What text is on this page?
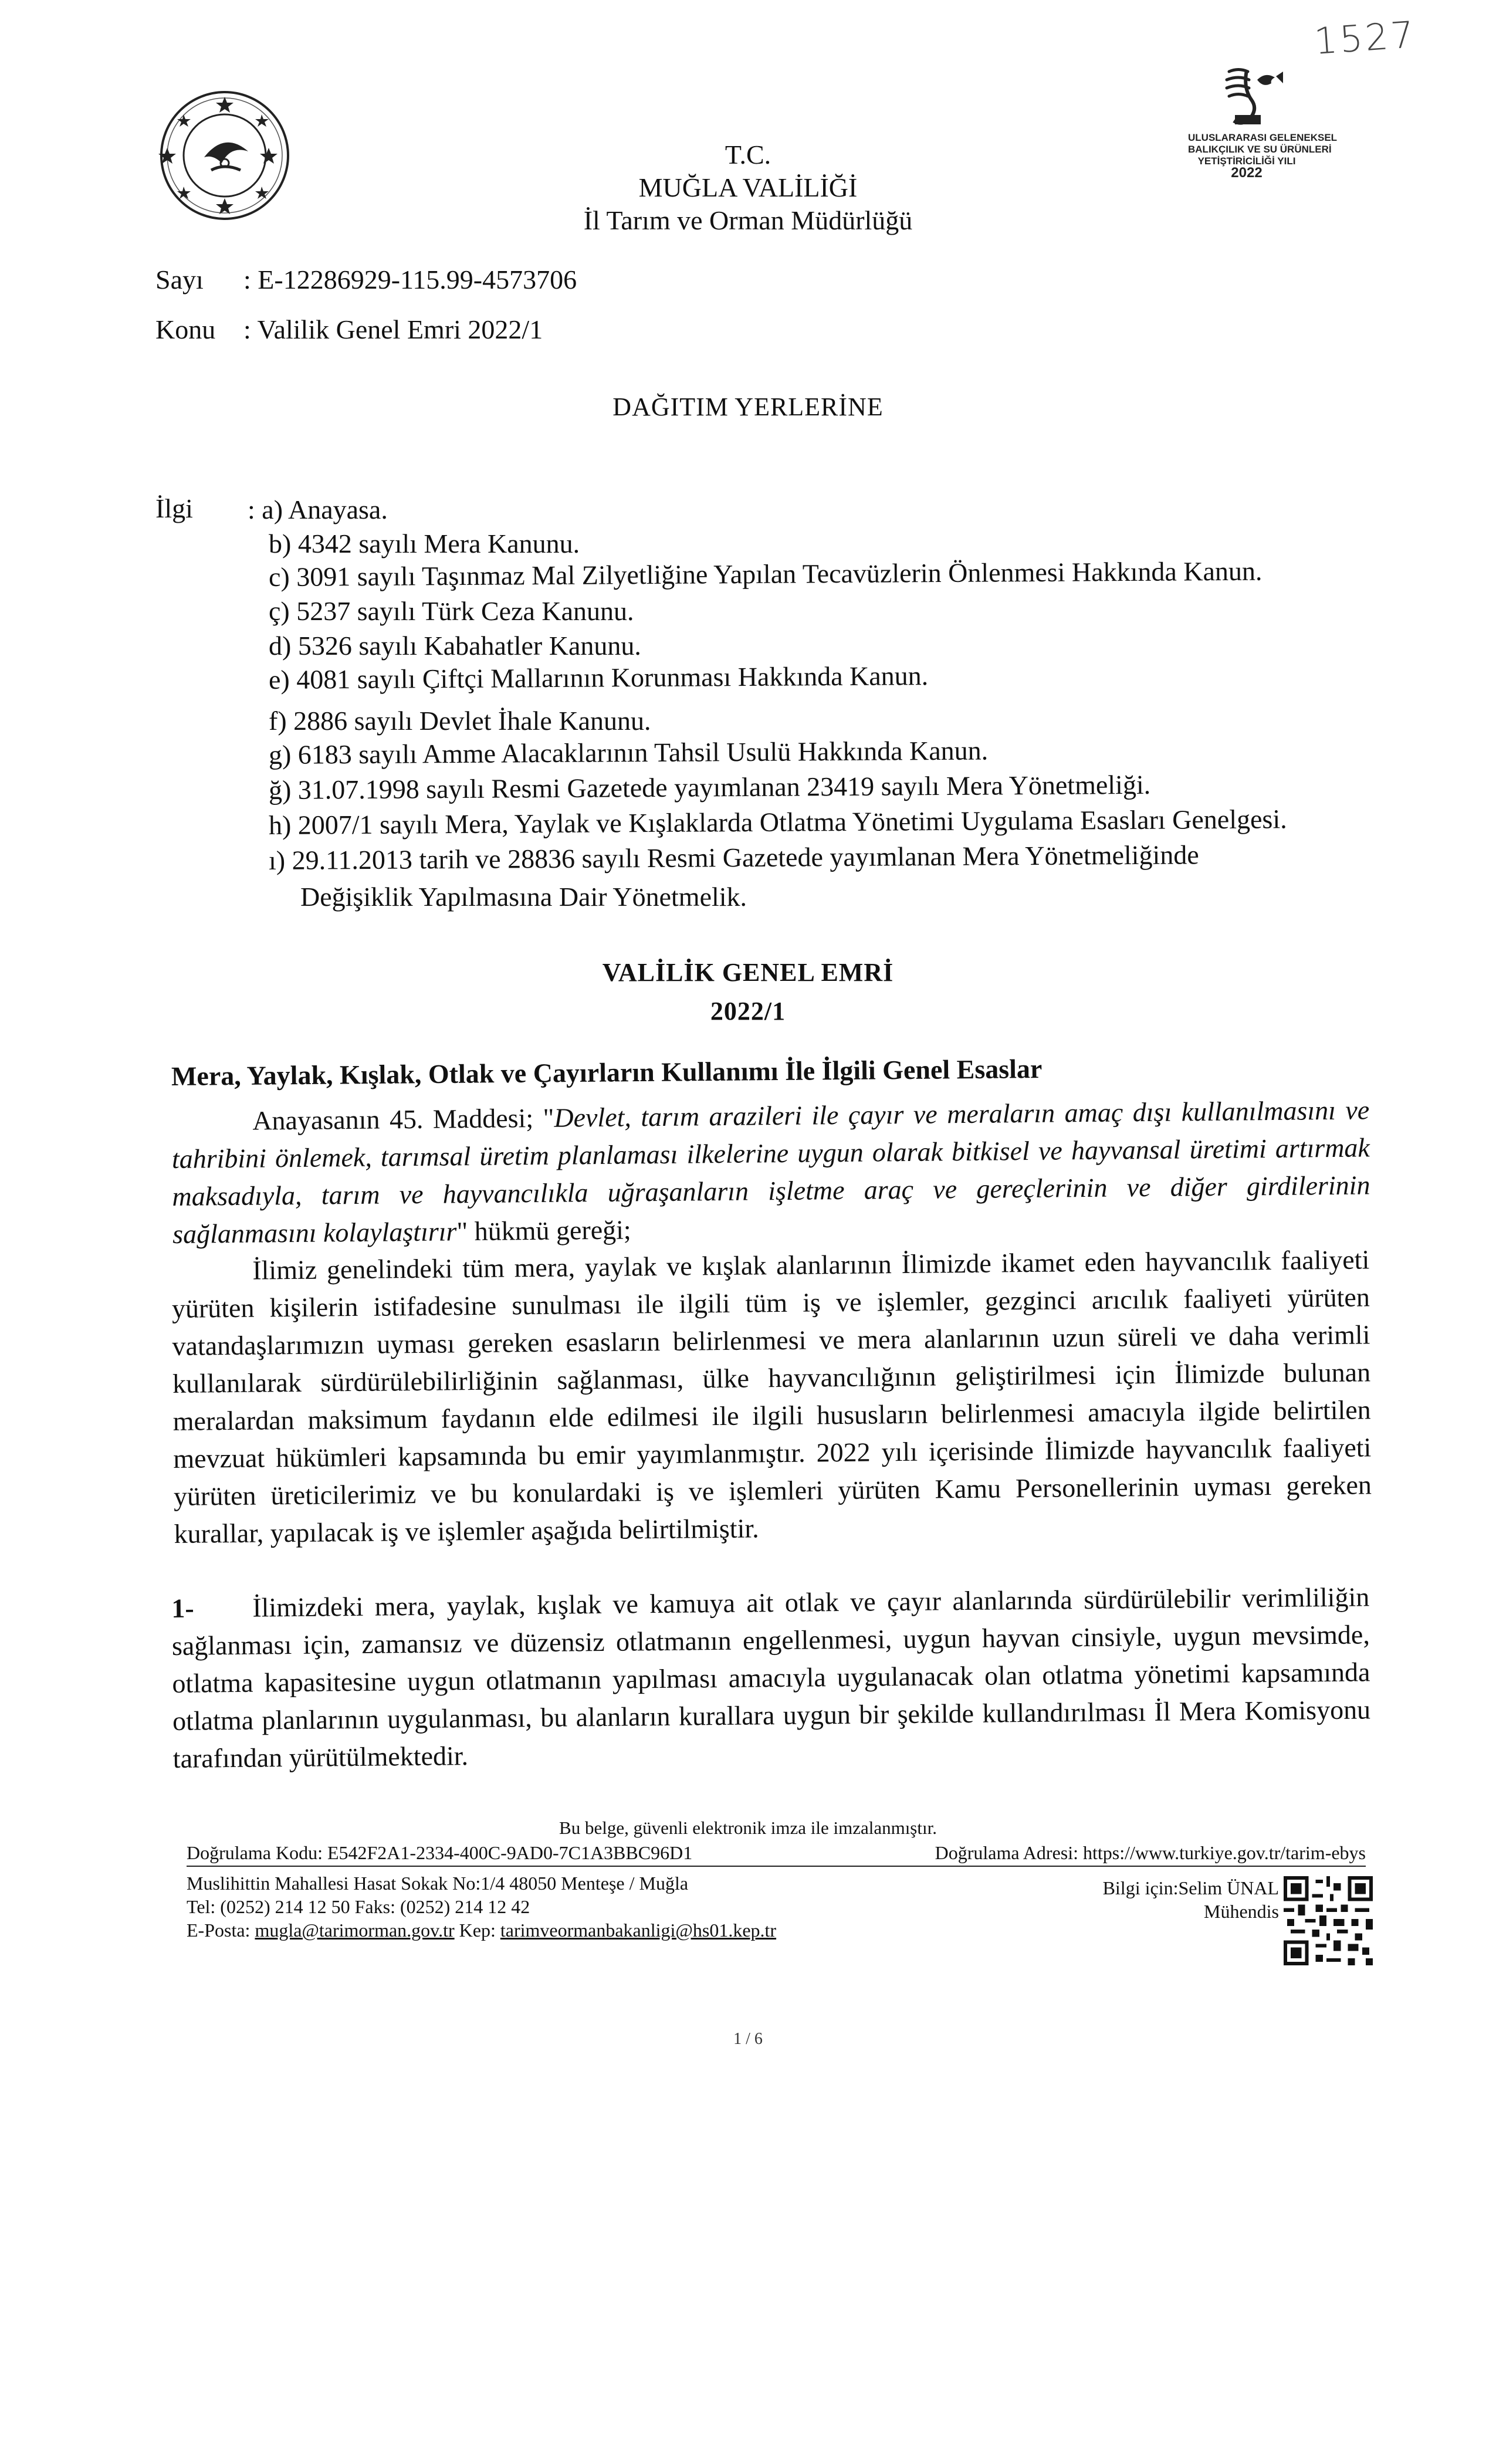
1527
ULUSLARARASI GELENEKSEL
BALIKÇILIK VE SU ÜRÜNLERİ
YETİŞTİRİCİLİĞİ YILI
2022
T.C.
MUĞLA VALİLİĞİ
İl Tarım ve Orman Müdürlüğü
Sayı : E-12286929-115.99-4573706
Konu : Valilik Genel Emri 2022/1
DAĞITIM YERLERİNE
İlgi : a) Anayasa.
b) 4342 sayılı Mera Kanunu.
c) 3091 sayılı Taşınmaz Mal Zilyetliğine Yapılan Tecavüzlerin Önlenmesi Hakkında Kanun.
ç) 5237 sayılı Türk Ceza Kanunu.
d) 5326 sayılı Kabahatler Kanunu.
e) 4081 sayılı Çiftçi Mallarının Korunması Hakkında Kanun.
f) 2886 sayılı Devlet İhale Kanunu.
g) 6183 sayılı Amme Alacaklarının Tahsil Usulü Hakkında Kanun.
ğ) 31.07.1998 sayılı Resmi Gazetede yayımlanan 23419 sayılı Mera Yönetmeliği.
h) 2007/1 sayılı Mera, Yaylak ve Kışlaklarda Otlatma Yönetimi Uygulama Esasları Genelgesi.
ı) 29.11.2013 tarih ve 28836 sayılı Resmi Gazetede yayımlanan Mera Yönetmeliğinde
Değişiklik Yapılmasına Dair Yönetmelik.
VALİLİK GENEL EMRİ
2022/1
Mera, Yaylak, Kışlak, Otlak ve Çayırların Kullanımı İle İlgili Genel Esaslar
Anayasanın 45. Maddesi; "Devlet, tarım arazileri ile çayır ve meraların amaç dışı kullanılmasını ve tahribini önlemek, tarımsal üretim planlaması ilkelerine uygun olarak bitkisel ve hayvansal üretimi artırmak maksadıyla, tarım ve hayvancılıkla uğraşanların işletme araç ve gereçlerinin ve diğer girdilerinin sağlanmasını kolaylaştırır" hükmü gereği;
İlimiz genelindeki tüm mera, yaylak ve kışlak alanlarının İlimizde ikamet eden hayvancılık faaliyeti yürüten kişilerin istifadesine sunulması ile ilgili tüm iş ve işlemler, gezginci arıcılık faaliyeti yürüten vatandaşlarımızın uyması gereken esasların belirlenmesi ve mera alanlarının uzun süreli ve daha verimli kullanılarak sürdürülebilirliğinin sağlanması, ülke hayvancılığının geliştirilmesi için İlimizde bulunan meralardan maksimum faydanın elde edilmesi ile ilgili hususların belirlenmesi amacıyla ilgide belirtilen mevzuat hükümleri kapsamında bu emir yayımlanmıştır. 2022 yılı içerisinde İlimizde hayvancılık faaliyeti yürüten üreticilerimiz ve bu konulardaki iş ve işlemleri yürüten Kamu Personellerinin uyması gereken kurallar, yapılacak iş ve işlemler aşağıda belirtilmiştir.
1- İlimizdeki mera, yaylak, kışlak ve kamuya ait otlak ve çayır alanlarında sürdürülebilir verimliliğin sağlanması için, zamansız ve düzensiz otlatmanın engellenmesi, uygun hayvan cinsiyle, uygun mevsimde, otlatma kapasitesine uygun otlatmanın yapılması amacıyla uygulanacak olan otlatma yönetimi kapsamında otlatma planlarının uygulanması, bu alanların kurallara uygun bir şekilde kullandırılması İl Mera Komisyonu tarafından yürütülmektedir.
Bu belge, güvenli elektronik imza ile imzalanmıştır.
Doğrulama Kodu: E542F2A1-2334-400C-9AD0-7C1A3BBC96D1	Doğrulama Adresi: https://www.turkiye.gov.tr/tarim-ebys
Muslihittin Mahallesi Hasat Sokak No:1/4 48050 Menteşe / Muğla
Tel: (0252) 214 12 50 Faks: (0252) 214 12 42
E-Posta: mugla@tarimorman.gov.tr Kep: tarimveormanbakanligi@hs01.kep.tr
Bilgi için:Selim ÜNAL
Mühendis
1 / 6
